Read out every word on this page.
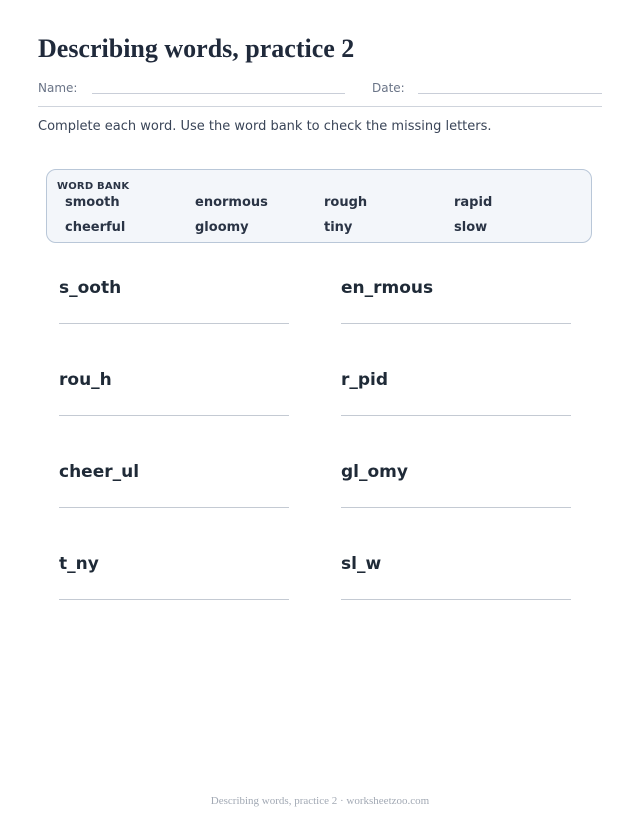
Describing words, practice 2
Name:	Date:
Complete each word. Use the word bank to check the missing letters.
WORD BANK
smooth	enormous	rough	rapid
cheerful	gloomy	tiny	slow
s_ooth	en_rmous
rou_h	r_pid
cheer_ul	gl_omy
t_ny	sl_w
Describing words, practice 2 · worksheetzoo.com
